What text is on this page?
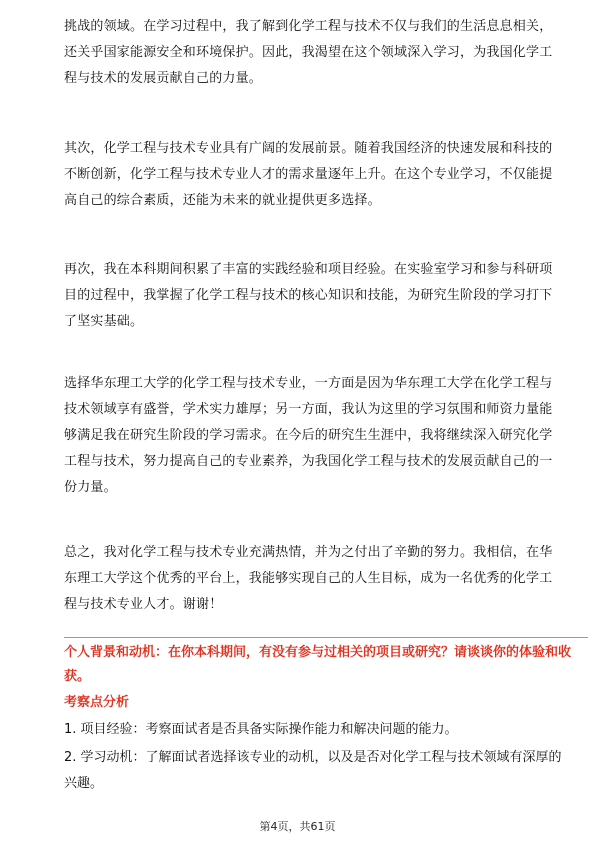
挑战的领域。在学习过程中，我了解到化学工程与技术不仅与我们的生活息息相关，还关乎国家能源安全和环境保护。因此，我渴望在这个领域深入学习，为我国化学工程与技术的发展贡献自己的力量。

其次，化学工程与技术专业具有广阔的发展前景。随着我国经济的快速发展和科技的不断创新，化学工程与技术专业人才的需求量逐年上升。在这个专业学习，不仅能提高自己的综合素质，还能为未来的就业提供更多选择。

再次，我在本科期间积累了丰富的实践经验和项目经验。在实验室学习和参与科研项目的过程中，我掌握了化学工程与技术的核心知识和技能，为研究生阶段的学习打下了坚实基础。

选择华东理工大学的化学工程与技术专业，一方面是因为华东理工大学在化学工程与技术领域享有盛誉，学术实力雄厚；另一方面，我认为这里的学习氛围和师资力量能够满足我在研究生阶段的学习需求。在今后的研究生生涯中，我将继续深入研究化学工程与技术，努力提高自己的专业素养，为我国化学工程与技术的发展贡献自己的一份力量。

总之，我对化学工程与技术专业充满热情，并为之付出了辛勤的努力。我相信，在华东理工大学这个优秀的平台上，我能够实现自己的人生目标，成为一名优秀的化学工程与技术专业人才。谢谢！

个人背景和动机：在你本科期间，有没有参与过相关的项目或研究？请谈谈你的体验和收获。

考察点分析

1. 项目经验：考察面试者是否具备实际操作能力和解决问题的能力。

2. 学习动机：了解面试者选择该专业的动机，以及是否对化学工程与技术领域有深厚的兴趣。

第4页，共61页
